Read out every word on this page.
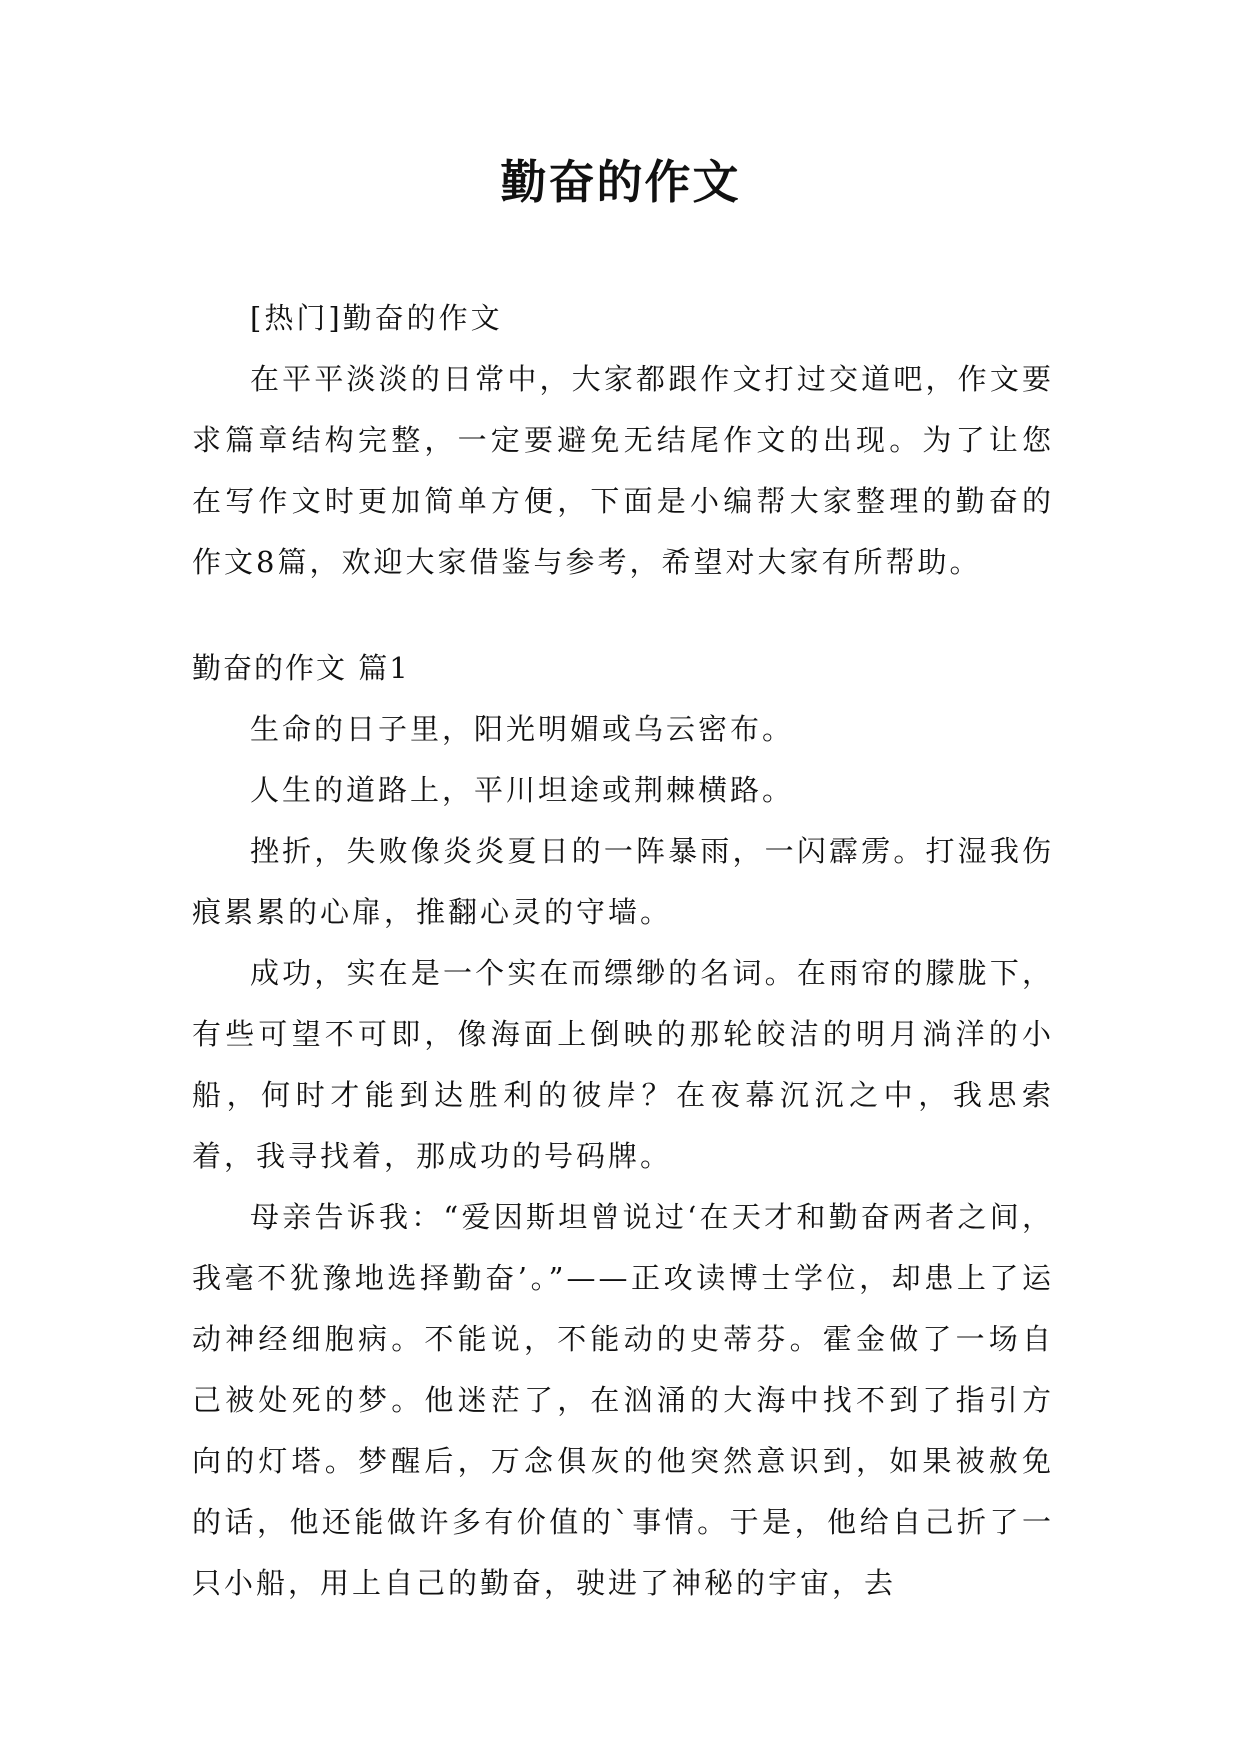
勤奋的作文

[热门]勤奋的作文

在平平淡淡的日常中，大家都跟作文打过交道吧，作文要求篇章结构完整，一定要避免无结尾作文的出现。为了让您在写作文时更加简单方便，下面是小编帮大家整理的勤奋的作文8篇，欢迎大家借鉴与参考，希望对大家有所帮助。

勤奋的作文 篇1

生命的日子里，阳光明媚或乌云密布。

人生的道路上，平川坦途或荆棘横路。

挫折，失败像炎炎夏日的一阵暴雨，一闪霹雳。打湿我伤痕累累的心扉，推翻心灵的守墙。

成功，实在是一个实在而缥缈的名词。在雨帘的朦胧下，有些可望不可即，像海面上倒映的那轮皎洁的明月淌洋的小船，何时才能到达胜利的彼岸？在夜幕沉沉之中，我思索着，我寻找着，那成功的号码牌。

母亲告诉我：“爱因斯坦曾说过‘在天才和勤奋两者之间，我毫不犹豫地选择勤奋’。”——正攻读博士学位，却患上了运动神经细胞病。不能说，不能动的史蒂芬。霍金做了一场自己被处死的梦。他迷茫了，在汹涌的大海中找不到了指引方向的灯塔。梦醒后，万念俱灰的他突然意识到，如果被赦免的话，他还能做许多有价值的`事情。于是，他给自己折了一只小船，用上自己的勤奋，驶进了神秘的宇宙，去
